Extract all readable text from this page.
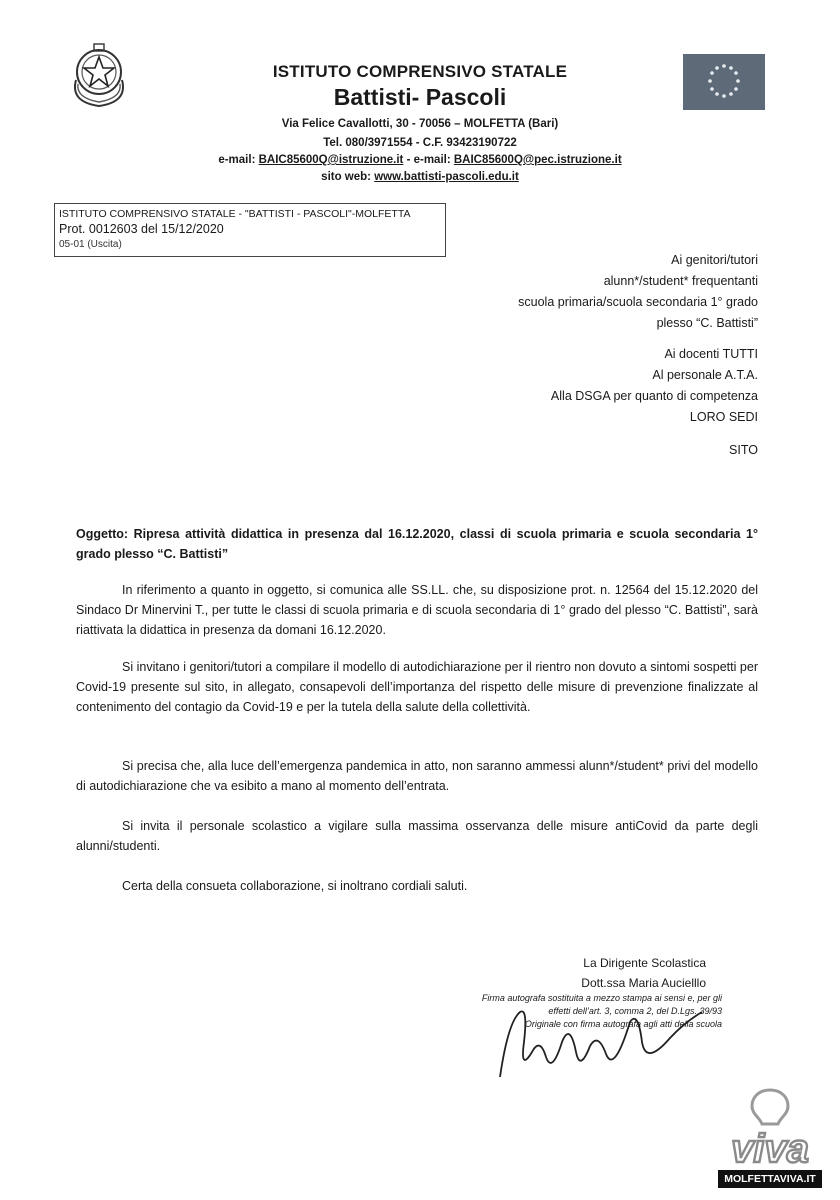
ISTITUTO COMPRENSIVO STATALE
Battisti- Pascoli
Via Felice Cavallotti, 30 - 70056 – MOLFETTA (Bari)
Tel. 080/3971554 - C.F. 93423190722
e-mail: BAIC85600Q@istruzione.it - e-mail: BAIC85600Q@pec.istruzione.it
sito web: www.battisti-pascoli.edu.it
ISTITUTO COMPRENSIVO STATALE - "BATTISTI - PASCOLI"-MOLFETTA
Prot. 0012603 del 15/12/2020
05-01 (Uscita)
Ai genitori/tutori
alunn*/student* frequentanti
scuola primaria/scuola secondaria 1° grado
plesso “C. Battisti”
Ai docenti TUTTI
Al personale A.T.A.
Alla DSGA per quanto di competenza
LORO SEDI
SITO
Oggetto: Ripresa attività didattica in presenza dal 16.12.2020, classi di scuola primaria e scuola secondaria 1° grado plesso “C. Battisti”
In riferimento a quanto in oggetto, si comunica alle SS.LL. che, su disposizione prot. n. 12564 del 15.12.2020 del Sindaco Dr Minervini T., per tutte le classi di scuola primaria e di scuola secondaria di 1° grado del plesso “C. Battisti”, sarà riattivata la didattica in presenza da domani 16.12.2020.
Si invitano i genitori/tutori a compilare il modello di autodichiarazione per il rientro non dovuto a sintomi sospetti per Covid-19 presente sul sito, in allegato, consapevoli dell’importanza del rispetto delle misure di prevenzione finalizzate al contenimento del contagio da Covid-19 e per la tutela della salute della collettività.
Si precisa che, alla luce dell’emergenza pandemica in atto, non saranno ammessi alunn*/student* privi del modello di autodichiarazione che va esibito a mano al momento dell’entrata.
Si invita il personale scolastico a vigilare sulla massima osservanza delle misure antiCovid da parte degli alunni/studenti.
Certa della consueta collaborazione, si inoltrano cordiali saluti.
La Dirigente Scolastica
Dott.ssa Maria Aucielllo
Firma autografa sostituita a mezzo stampa ai sensi e, per gli
effetti dell’art. 3, comma 2, del D.Lgs. 39/93
Originale con firma autografa agli atti della scuola
viva
MOLFETTAVIVA.IT
